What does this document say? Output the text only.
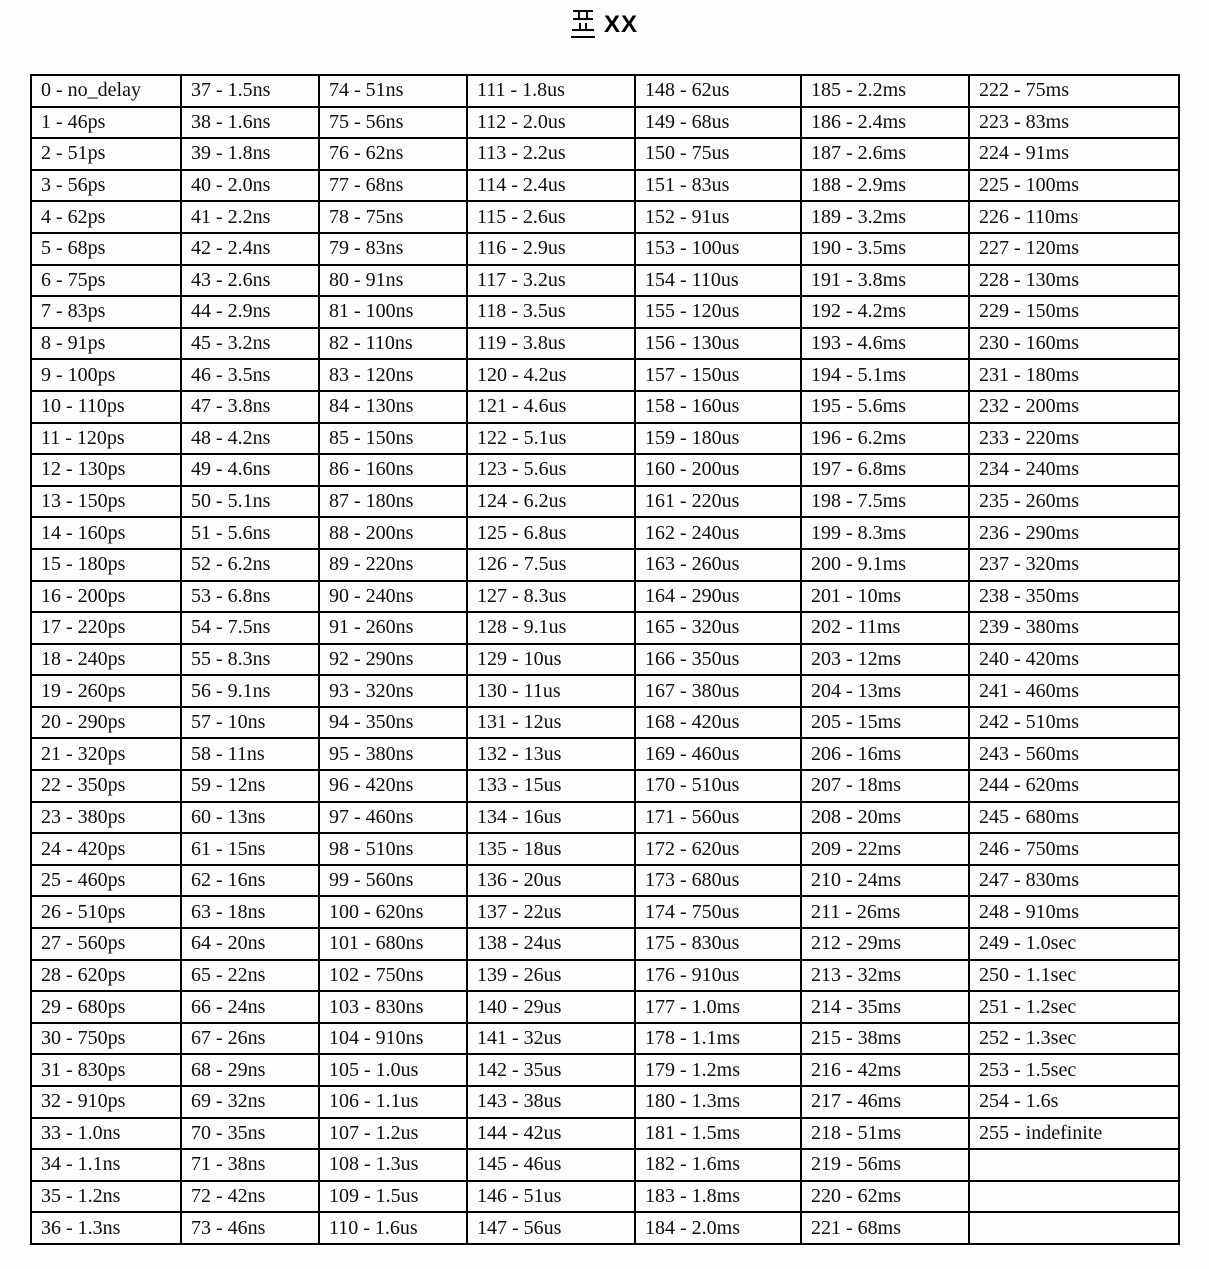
XX
0 - no_delay	37 - 1.5ns	74 - 51ns	111 - 1.8us	148 - 62us	185 - 2.2ms	222 - 75ms
1 - 46ps	38 - 1.6ns	75 - 56ns	112 - 2.0us	149 - 68us	186 - 2.4ms	223 - 83ms
2 - 51ps	39 - 1.8ns	76 - 62ns	113 - 2.2us	150 - 75us	187 - 2.6ms	224 - 91ms
3 - 56ps	40 - 2.0ns	77 - 68ns	114 - 2.4us	151 - 83us	188 - 2.9ms	225 - 100ms
4 - 62ps	41 - 2.2ns	78 - 75ns	115 - 2.6us	152 - 91us	189 - 3.2ms	226 - 110ms
5 - 68ps	42 - 2.4ns	79 - 83ns	116 - 2.9us	153 - 100us	190 - 3.5ms	227 - 120ms
6 - 75ps	43 - 2.6ns	80 - 91ns	117 - 3.2us	154 - 110us	191 - 3.8ms	228 - 130ms
7 - 83ps	44 - 2.9ns	81 - 100ns	118 - 3.5us	155 - 120us	192 - 4.2ms	229 - 150ms
8 - 91ps	45 - 3.2ns	82 - 110ns	119 - 3.8us	156 - 130us	193 - 4.6ms	230 - 160ms
9 - 100ps	46 - 3.5ns	83 - 120ns	120 - 4.2us	157 - 150us	194 - 5.1ms	231 - 180ms
10 - 110ps	47 - 3.8ns	84 - 130ns	121 - 4.6us	158 - 160us	195 - 5.6ms	232 - 200ms
11 - 120ps	48 - 4.2ns	85 - 150ns	122 - 5.1us	159 - 180us	196 - 6.2ms	233 - 220ms
12 - 130ps	49 - 4.6ns	86 - 160ns	123 - 5.6us	160 - 200us	197 - 6.8ms	234 - 240ms
13 - 150ps	50 - 5.1ns	87 - 180ns	124 - 6.2us	161 - 220us	198 - 7.5ms	235 - 260ms
14 - 160ps	51 - 5.6ns	88 - 200ns	125 - 6.8us	162 - 240us	199 - 8.3ms	236 - 290ms
15 - 180ps	52 - 6.2ns	89 - 220ns	126 - 7.5us	163 - 260us	200 - 9.1ms	237 - 320ms
16 - 200ps	53 - 6.8ns	90 - 240ns	127 - 8.3us	164 - 290us	201 - 10ms	238 - 350ms
17 - 220ps	54 - 7.5ns	91 - 260ns	128 - 9.1us	165 - 320us	202 - 11ms	239 - 380ms
18 - 240ps	55 - 8.3ns	92 - 290ns	129 - 10us	166 - 350us	203 - 12ms	240 - 420ms
19 - 260ps	56 - 9.1ns	93 - 320ns	130 - 11us	167 - 380us	204 - 13ms	241 - 460ms
20 - 290ps	57 - 10ns	94 - 350ns	131 - 12us	168 - 420us	205 - 15ms	242 - 510ms
21 - 320ps	58 - 11ns	95 - 380ns	132 - 13us	169 - 460us	206 - 16ms	243 - 560ms
22 - 350ps	59 - 12ns	96 - 420ns	133 - 15us	170 - 510us	207 - 18ms	244 - 620ms
23 - 380ps	60 - 13ns	97 - 460ns	134 - 16us	171 - 560us	208 - 20ms	245 - 680ms
24 - 420ps	61 - 15ns	98 - 510ns	135 - 18us	172 - 620us	209 - 22ms	246 - 750ms
25 - 460ps	62 - 16ns	99 - 560ns	136 - 20us	173 - 680us	210 - 24ms	247 - 830ms
26 - 510ps	63 - 18ns	100 - 620ns	137 - 22us	174 - 750us	211 - 26ms	248 - 910ms
27 - 560ps	64 - 20ns	101 - 680ns	138 - 24us	175 - 830us	212 - 29ms	249 - 1.0sec
28 - 620ps	65 - 22ns	102 - 750ns	139 - 26us	176 - 910us	213 - 32ms	250 - 1.1sec
29 - 680ps	66 - 24ns	103 - 830ns	140 - 29us	177 - 1.0ms	214 - 35ms	251 - 1.2sec
30 - 750ps	67 - 26ns	104 - 910ns	141 - 32us	178 - 1.1ms	215 - 38ms	252 - 1.3sec
31 - 830ps	68 - 29ns	105 - 1.0us	142 - 35us	179 - 1.2ms	216 - 42ms	253 - 1.5sec
32 - 910ps	69 - 32ns	106 - 1.1us	143 - 38us	180 - 1.3ms	217 - 46ms	254 - 1.6s
33 - 1.0ns	70 - 35ns	107 - 1.2us	144 - 42us	181 - 1.5ms	218 - 51ms	255 - indefinite
34 - 1.1ns	71 - 38ns	108 - 1.3us	145 - 46us	182 - 1.6ms	219 - 56ms	
35 - 1.2ns	72 - 42ns	109 - 1.5us	146 - 51us	183 - 1.8ms	220 - 62ms	
36 - 1.3ns	73 - 46ns	110 - 1.6us	147 - 56us	184 - 2.0ms	221 - 68ms	
